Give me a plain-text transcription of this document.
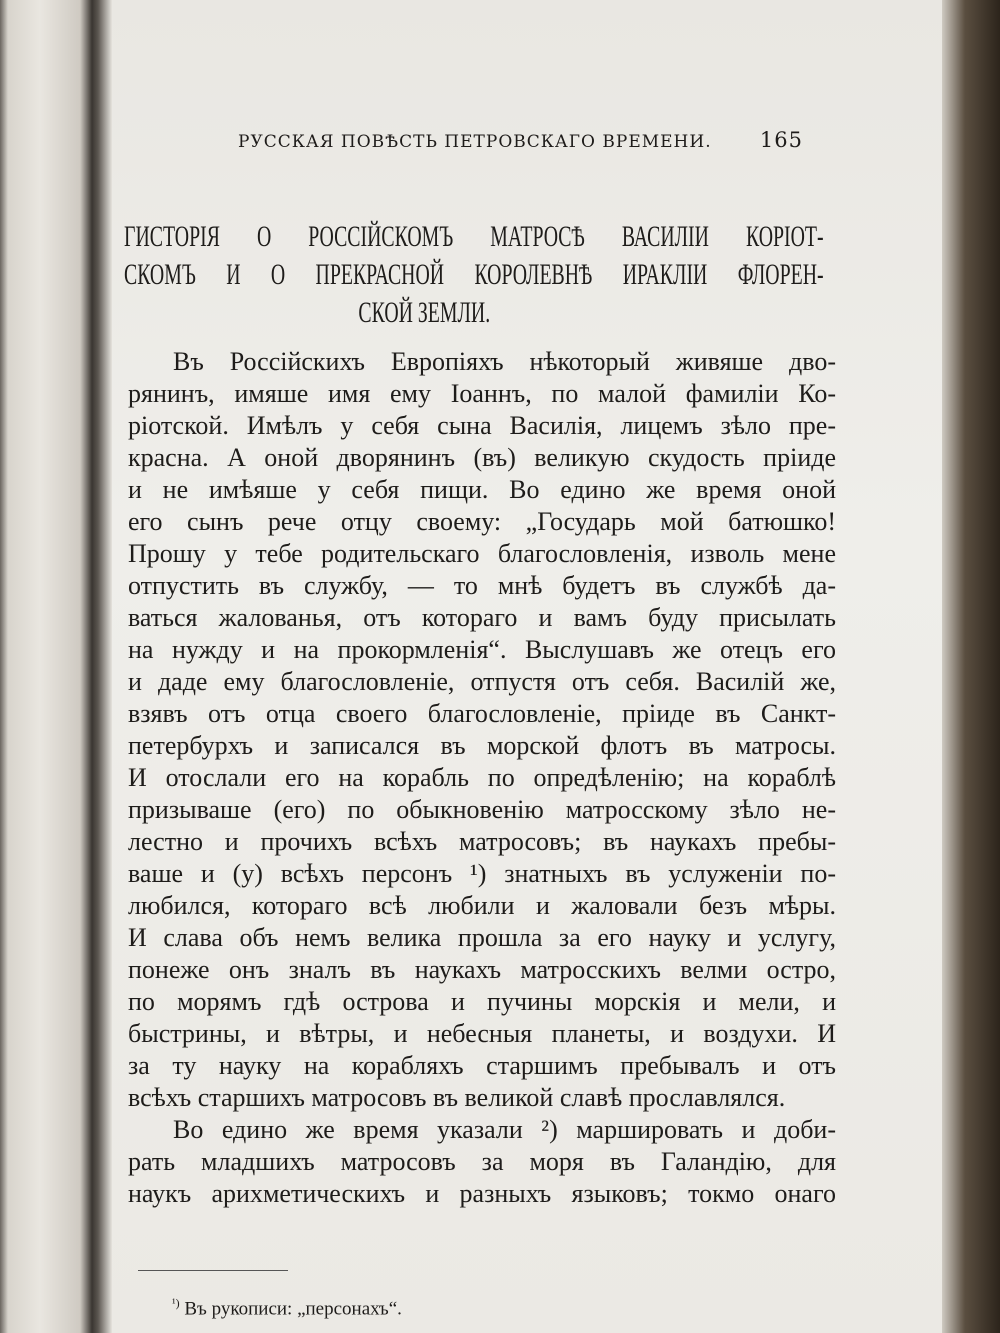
РУССКАЯ ПОВѢСТЬ ПЕТРОВСКАГО ВРЕМЕНИ. 165
ГИСТОРІЯ О РОССІЙСКОМЪ МАТРОСѢ ВАСИЛІИ КОРІОТ-
СКОМЪ И О ПРЕКРАСНОЙ КОРОЛЕВНѢ ИРАКЛІИ ФЛОРЕН-
СКОЙ ЗЕМЛИ.
Въ Россійскихъ Европіяхъ нѣкоторый живяше дво-
рянинъ, имяше имя ему Іоаннъ, по малой фамиліи Ко-
ріотской. Имѣлъ у себя сына Василія, лицемъ зѣло пре-
красна. А оной дворянинъ (въ) великую скудость пріиде
и не имѣяше у себя пищи. Во едино же время оной
его сынъ рече отцу своему: „Государь мой батюшко!
Прошу у тебе родительскаго благословленія, изволь мене
отпустить въ службу, — то мнѣ будетъ въ службѣ да-
ваться жалованья, отъ котораго и вамъ буду присылать
на нужду и на прокормленія“. Выслушавъ же отецъ его
и даде ему благословленіе, отпустя отъ себя. Василій же,
взявъ отъ отца своего благословленіе, пріиде въ Санкт-
петербурхъ и записался въ морской флотъ въ матросы.
И отослали его на корабль по опредѣленію; на кораблѣ
призываше (его) по обыкновенію матросскому зѣло не-
лестно и прочихъ всѣхъ матросовъ; въ наукахъ пребы-
ваше и (у) всѣхъ персонъ ¹) знатныхъ въ услуженіи по-
любился, котораго всѣ любили и жаловали безъ мѣры.
И слава объ немъ велика прошла за его науку и услугу,
понеже онъ зналъ въ наукахъ матросскихъ велми остро,
по морямъ гдѣ острова и пучины морскія и мели, и
быстрины, и вѣтры, и небесныя планеты, и воздухи. И
за ту науку на корабляхъ старшимъ пребывалъ и отъ
всѣхъ старшихъ матросовъ въ великой славѣ прославлялся.
Во едино же время указали ²) маршировать и доби-
рать младшихъ матросовъ за моря въ Галандію, для
наукъ арихметическихъ и разныхъ языковъ; токмо онаго
$^{^1)}$ Въ рукописи: „персонахъ“.
